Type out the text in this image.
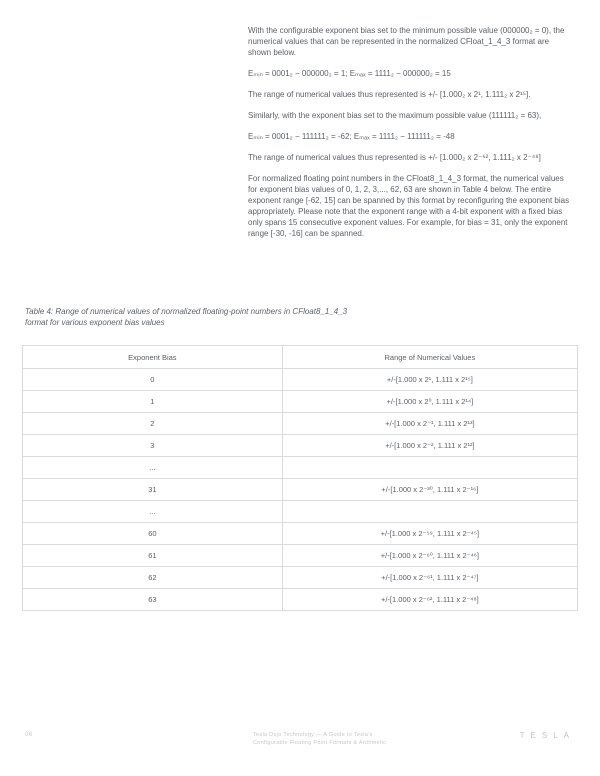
With the configurable exponent bias set to the minimum possible value (000000₂ = 0), the numerical values that can be represented in the normalized CFloat_1_4_3 format are shown below.

Eₘᵢₙ = 0001₂ − 000000₂ = 1; Eₘₐₓ = 1111₂ − 000000₂ = 15

The range of numerical values thus represented is +/- [1.000₂ x 2¹, 1.111₂ x 2¹⁵].

Similarly, with the exponent bias set to the maximum possible value (111111₂ = 63),

Eₘᵢₙ = 0001₂ − 111111₂ = -62; Eₘₐₓ = 1111₂ − 111111₂ = -48

The range of numerical values thus represented is +/- [1.000₂ x 2⁻⁶², 1.111₂ x 2⁻⁴⁸]

For normalized floating point numbers in the CFloat8_1_4_3 format, the numerical values for exponent bias values of 0, 1, 2, 3,..., 62, 63 are shown in Table 4 below. The entire exponent range [-62, 15] can be spanned by this format by reconfiguring the exponent bias appropriately. Please note that the exponent range with a 4-bit exponent with a fixed bias only spans 15 consecutive exponent values. For example, for bias = 31, only the exponent range [-30, -16] can be spanned.

Table 4: Range of numerical values of normalized floating-point numbers in CFloat8_1_4_3 format for various exponent bias values
Exponent Bias	Range of Numerical Values
0	+/-[1.000 x 2¹, 1.111 x 2¹⁵]
1	+/-[1.000 x 2⁰, 1.111 x 2¹⁴]
2	+/-[1.000 x 2⁻¹, 1.111 x 2¹³]
3	+/-[1.000 x 2⁻², 1.111 x 2¹²]
...	
31	+/-[1.000 x 2⁻³⁰, 1.111 x 2⁻¹⁶]
...	
60	+/-[1.000 x 2⁻⁵⁹, 1.111 x 2⁻⁴⁵]
61	+/-[1.000 x 2⁻⁶⁰, 1.111 x 2⁻⁴⁶]
62	+/-[1.000 x 2⁻⁶¹, 1.111 x 2⁻⁴⁷]
63	+/-[1.000 x 2⁻⁶², 1.111 x 2⁻⁴⁸]
06	Tesla Dojo Technology — A Guide to Tesla's
Configurable Floating Point Formats & Arithmetic
TESLA
